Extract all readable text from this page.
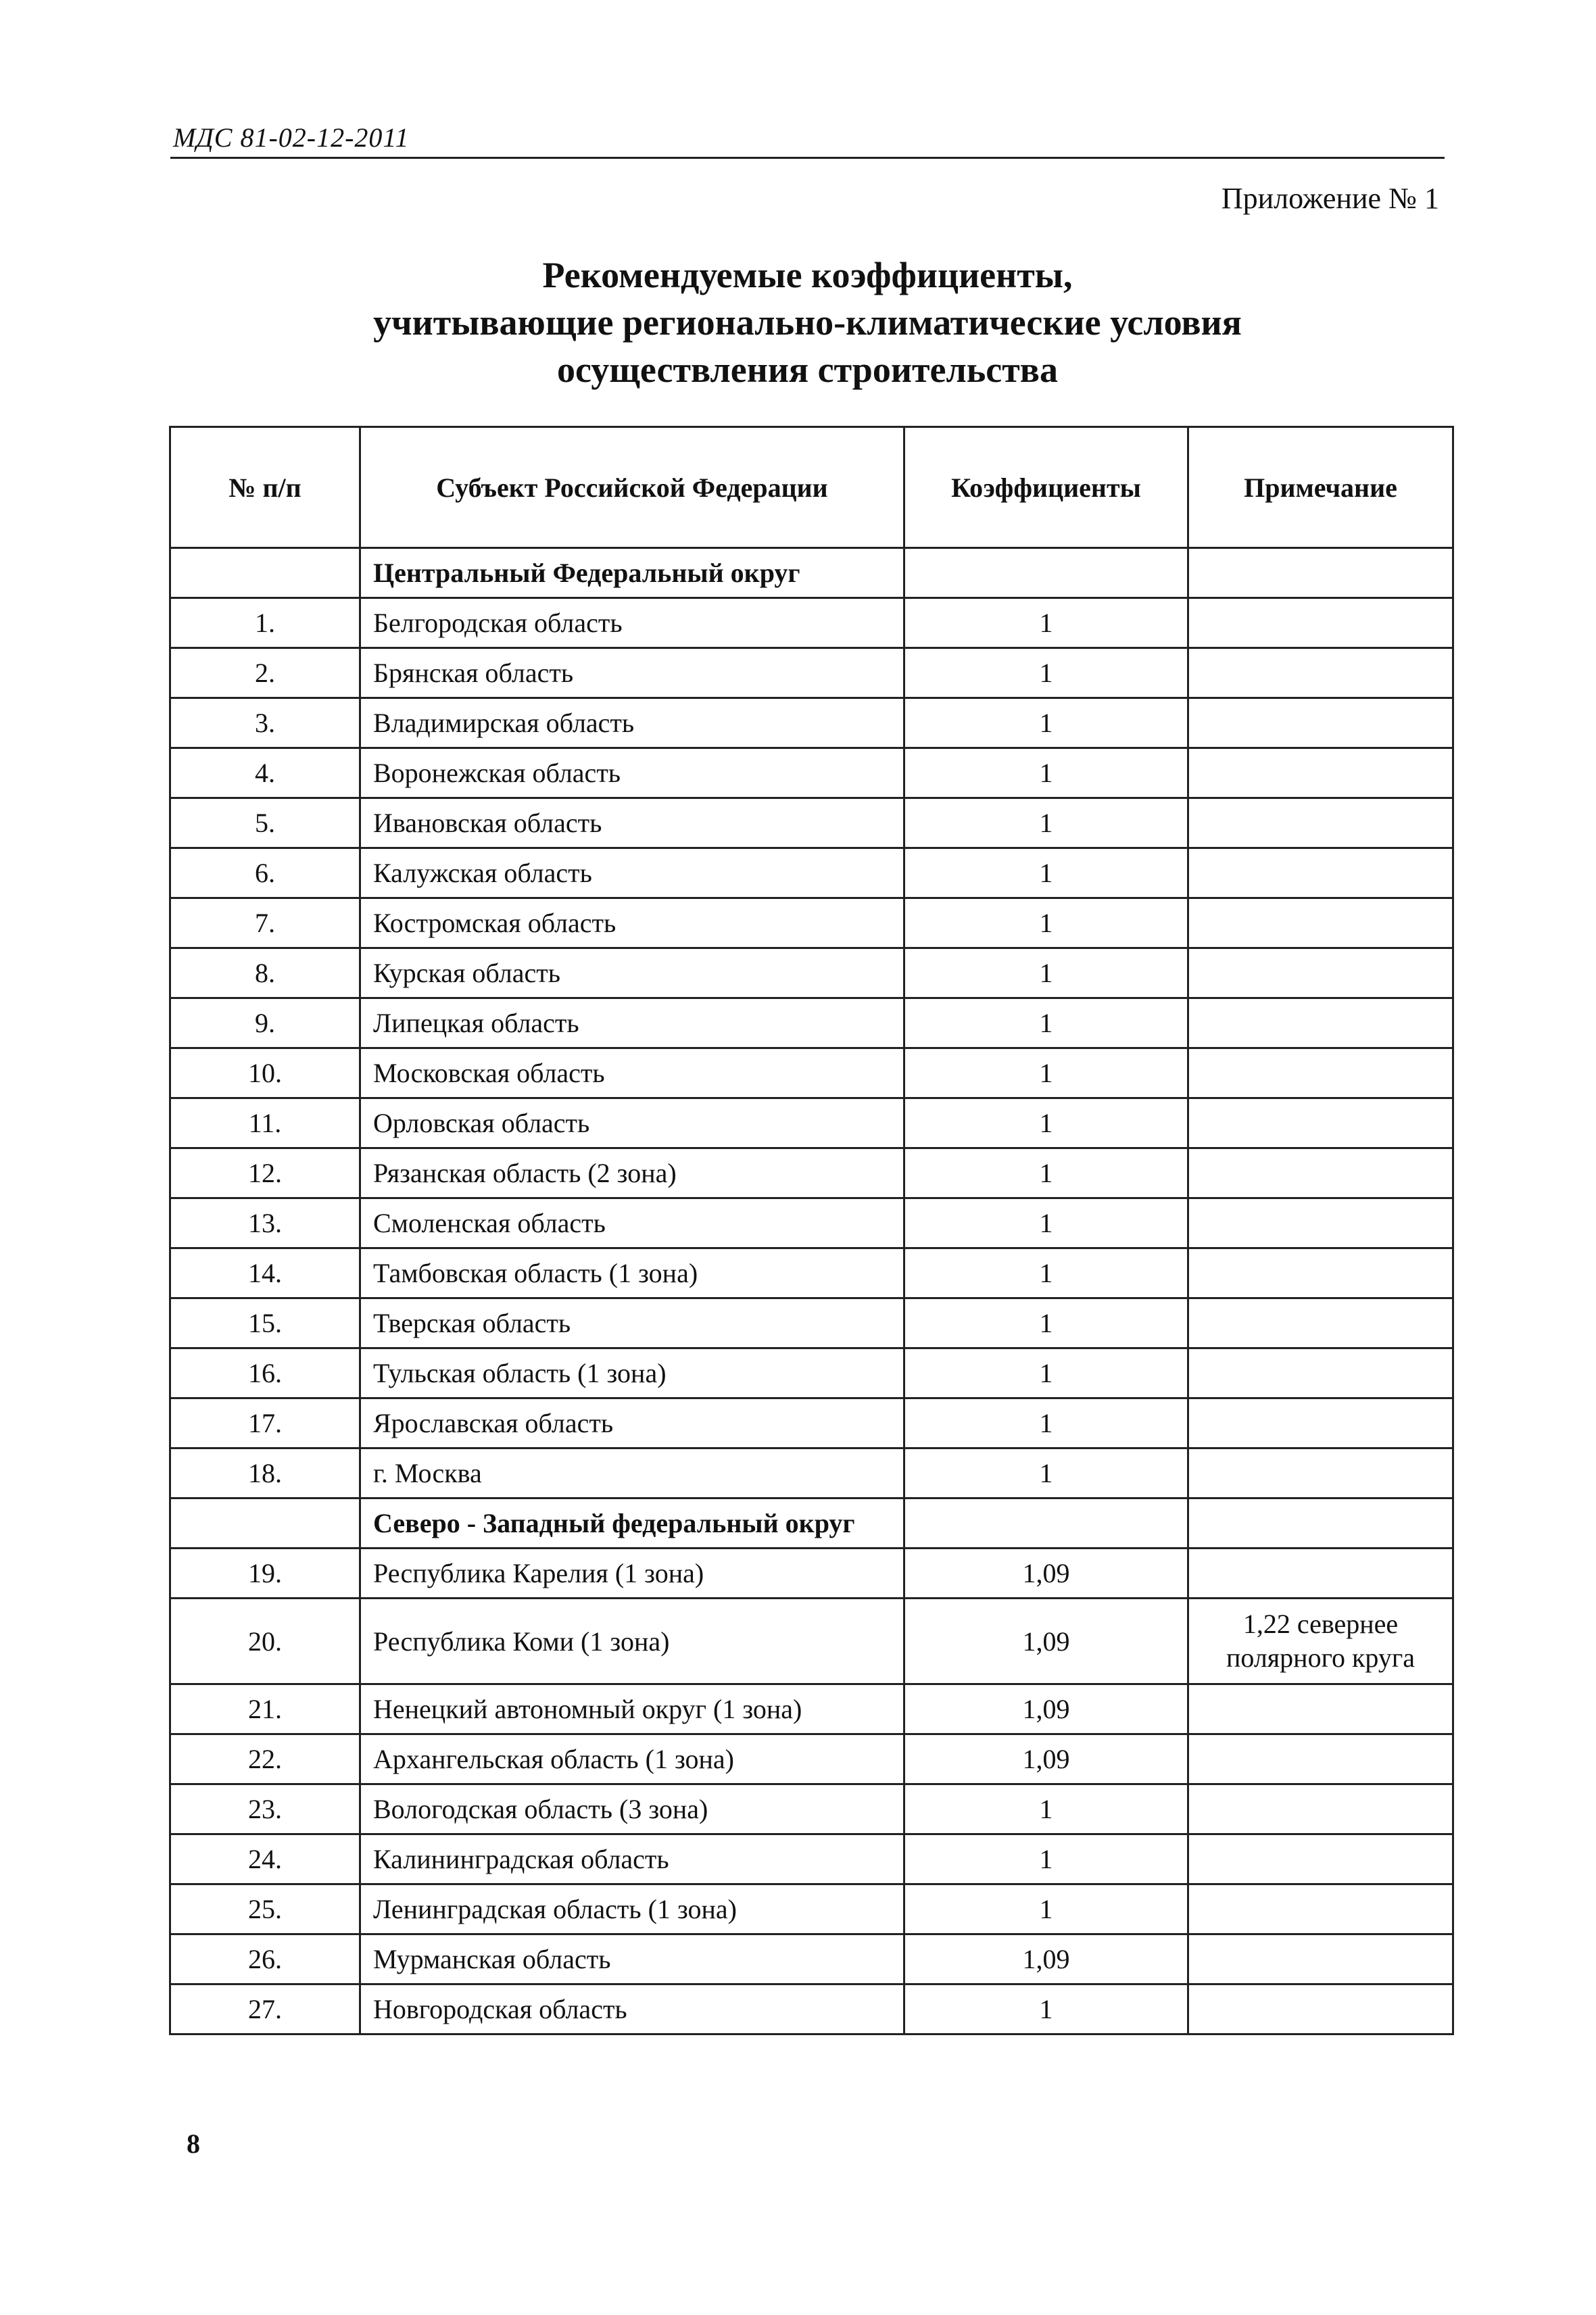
МДС 81-02-12-2011
Приложение № 1
Рекомендуемые коэффициенты,
учитывающие регионально-климатические условия
осуществления строительства
№ п/п	Субъект Российской Федерации	Коэффициенты	Примечание
	Центральный Федеральный округ		
1.	Белгородская область	1	
2.	Брянская область	1	
3.	Владимирская область	1	
4.	Воронежская область	1	
5.	Ивановская область	1	
6.	Калужская область	1	
7.	Костромская область	1	
8.	Курская область	1	
9.	Липецкая область	1	
10.	Московская область	1	
11.	Орловская область	1	
12.	Рязанская область (2 зона)	1	
13.	Смоленская область	1	
14.	Тамбовская область (1 зона)	1	
15.	Тверская область	1	
16.	Тульская область (1 зона)	1	
17.	Ярославская область	1	
18.	г. Москва	1	
	Северо - Западный федеральный округ		
19.	Республика Карелия (1 зона)	1,09	
20.	Республика Коми (1 зона)	1,09	1,22 севернее полярного круга
21.	Ненецкий автономный округ (1 зона)	1,09	
22.	Архангельская область (1 зона)	1,09	
23.	Вологодская область (3 зона)	1	
24.	Калининградская область	1	
25.	Ленинградская область (1 зона)	1	
26.	Мурманская область	1,09	
27.	Новгородская область	1	
8
